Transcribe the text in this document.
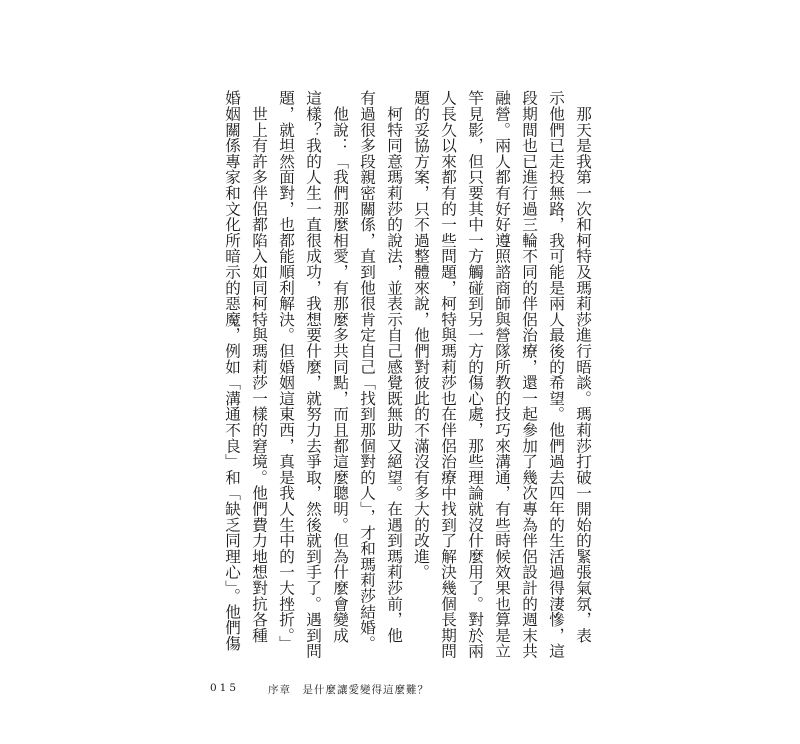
　那天是我第一次和柯特及瑪莉莎進行晤談。瑪莉莎打破一開始的緊張氣氛，表
示他們已走投無路，我可能是兩人最後的希望。他們過去四年的生活過得淒慘，這
段期間也已進行過三輪不同的伴侶治療，還一起參加了幾次專為伴侶設計的週末共
融營。兩人都有好好遵照諮商師與營隊所教的技巧來溝通，有些時候效果也算是立
竿見影，但只要其中一方觸碰到另一方的傷心處，那些理論就沒什麼用了。對於兩
人長久以來都有的一些問題，柯特與瑪莉莎也在伴侶治療中找到了解決幾個長期問
題的妥協方案，只不過整體來說，他們對彼此的不滿沒有多大的改進。
　柯特同意瑪莉莎的說法，並表示自己感覺既無助又絕望。在遇到瑪莉莎前，他
有過很多段親密關係，直到他很肯定自己「找到那個對的人」，才和瑪莉莎結婚。
　他說：「我們那麼相愛，有那麼多共同點，而且都這麼聰明。但為什麼會變成
這樣？我的人生一直很成功，我想要什麼，就努力去爭取，然後就到手了。遇到問
題，就坦然面對，也都能順利解決。但婚姻這東西，真是我人生中的一大挫折。」
　世上有許多伴侶都陷入如同柯特與瑪莉莎一樣的窘境。他們費力地想對抗各種
婚姻關係專家和文化所暗示的惡魔，例如「溝通不良」和「缺乏同理心」。他們傷
015	序章　是什麼讓愛變得這麼難？
